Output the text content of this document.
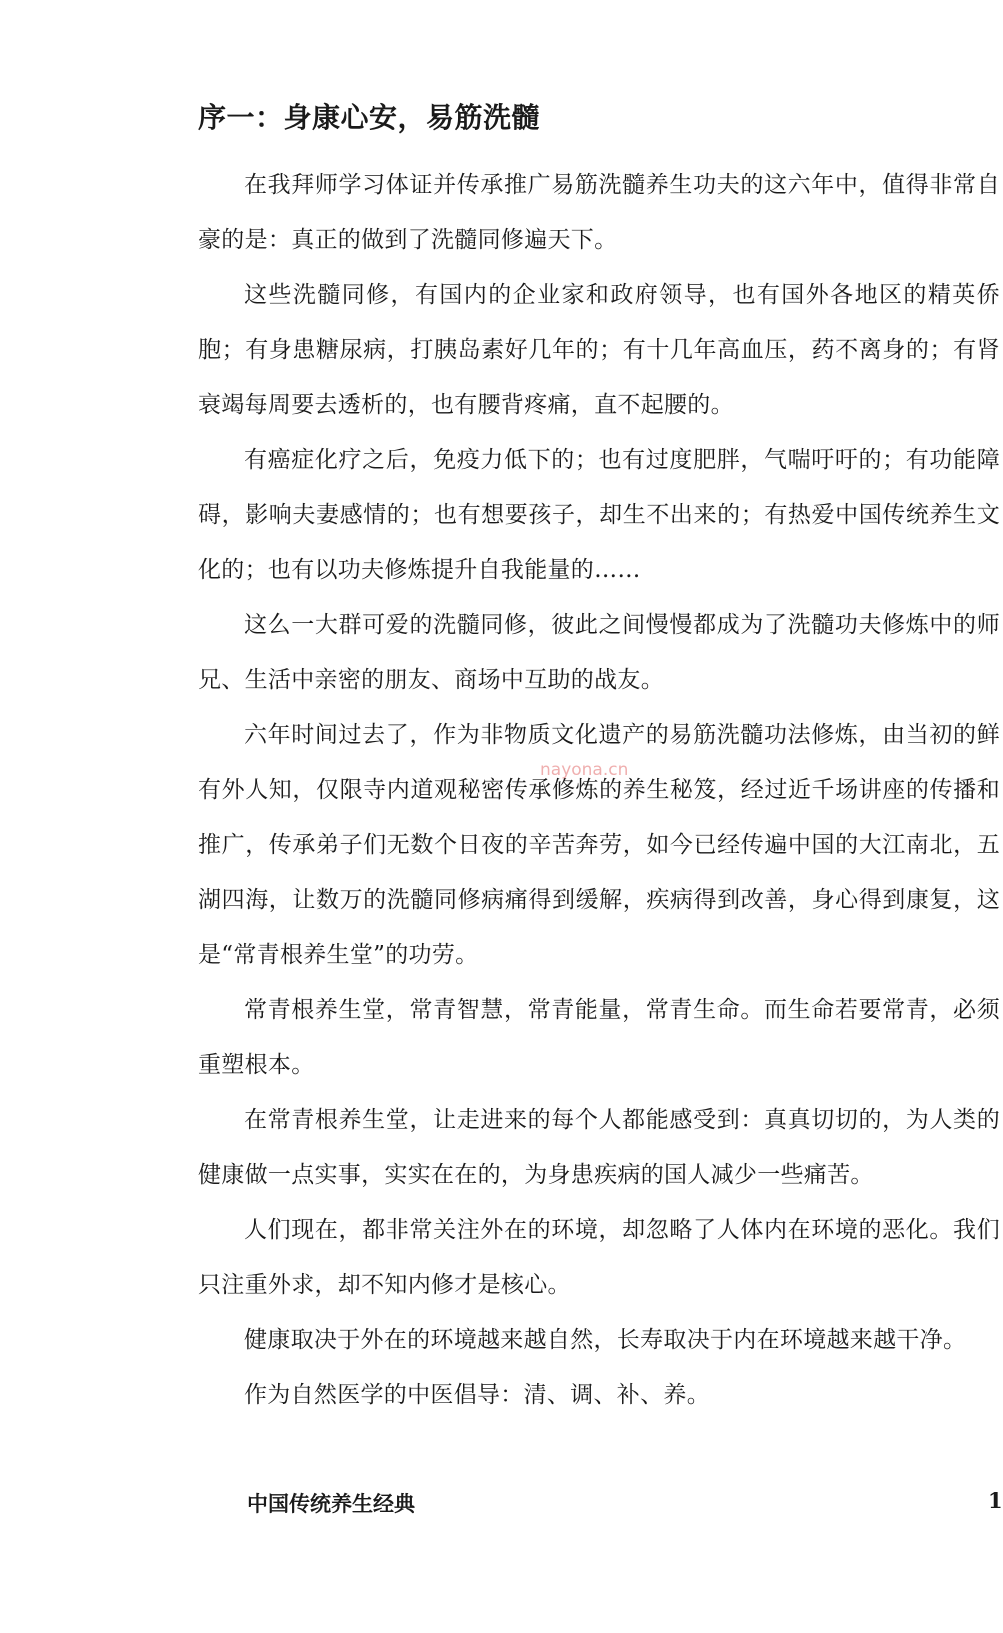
序一：身康心安，易筋洗髓

在我拜师学习体证并传承推广易筋洗髓养生功夫的这六年中，值得非常自豪的是：真正的做到了洗髓同修遍天下。

这些洗髓同修，有国内的企业家和政府领导，也有国外各地区的精英侨胞；有身患糖尿病，打胰岛素好几年的；有十几年高血压，药不离身的；有肾衰竭每周要去透析的，也有腰背疼痛，直不起腰的。

有癌症化疗之后，免疫力低下的；也有过度肥胖，气喘吁吁的；有功能障碍，影响夫妻感情的；也有想要孩子，却生不出来的；有热爱中国传统养生文化的；也有以功夫修炼提升自我能量的……

这么一大群可爱的洗髓同修，彼此之间慢慢都成为了洗髓功夫修炼中的师兄、生活中亲密的朋友、商场中互助的战友。

六年时间过去了，作为非物质文化遗产的易筋洗髓功法修炼，由当初的鲜有外人知，仅限寺内道观秘密传承修炼的养生秘笈，经过近千场讲座的传播和推广，传承弟子们无数个日夜的辛苦奔劳，如今已经传遍中国的大江南北，五湖四海，让数万的洗髓同修病痛得到缓解，疾病得到改善，身心得到康复，这是“常青根养生堂”的功劳。

常青根养生堂，常青智慧，常青能量，常青生命。而生命若要常青，必须重塑根本。

在常青根养生堂，让走进来的每个人都能感受到：真真切切的，为人类的健康做一点实事，实实在在的，为身患疾病的国人减少一些痛苦。

人们现在，都非常关注外在的环境，却忽略了人体内在环境的恶化。我们只注重外求，却不知内修才是核心。

健康取决于外在的环境越来越自然，长寿取决于内在环境越来越干净。

作为自然医学的中医倡导：清、调、补、养。

nayona.cn
中国传统养生经典	1
